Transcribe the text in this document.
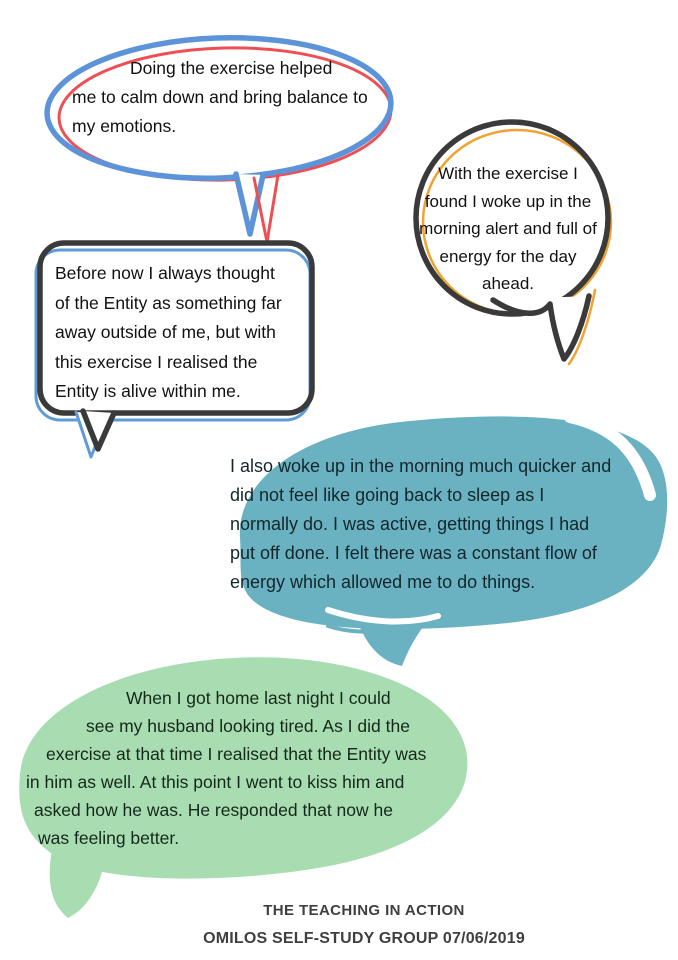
Doing the exercise helped
me to calm down and bring balance to
my emotions.
With the exercise I
found I woke up in the
morning alert and full of
energy for the day
ahead.
Before now I always thought
of the Entity as something far
away outside of me, but with
this exercise I realised the
Entity is alive within me.
I also woke up in the morning much quicker and
did not feel like going back to sleep as I
normally do. I was active, getting things I had
put off done. I felt there was a constant flow of
energy which allowed me to do things.
When I got home last night I could
see my husband looking tired. As I did the
exercise at that time I realised that the Entity was
in him as well. At this point I went to kiss him and
asked how he was. He responded that now he
was feeling better.
THE TEACHING IN ACTION
OMILOS SELF-STUDY GROUP 07/06/2019
